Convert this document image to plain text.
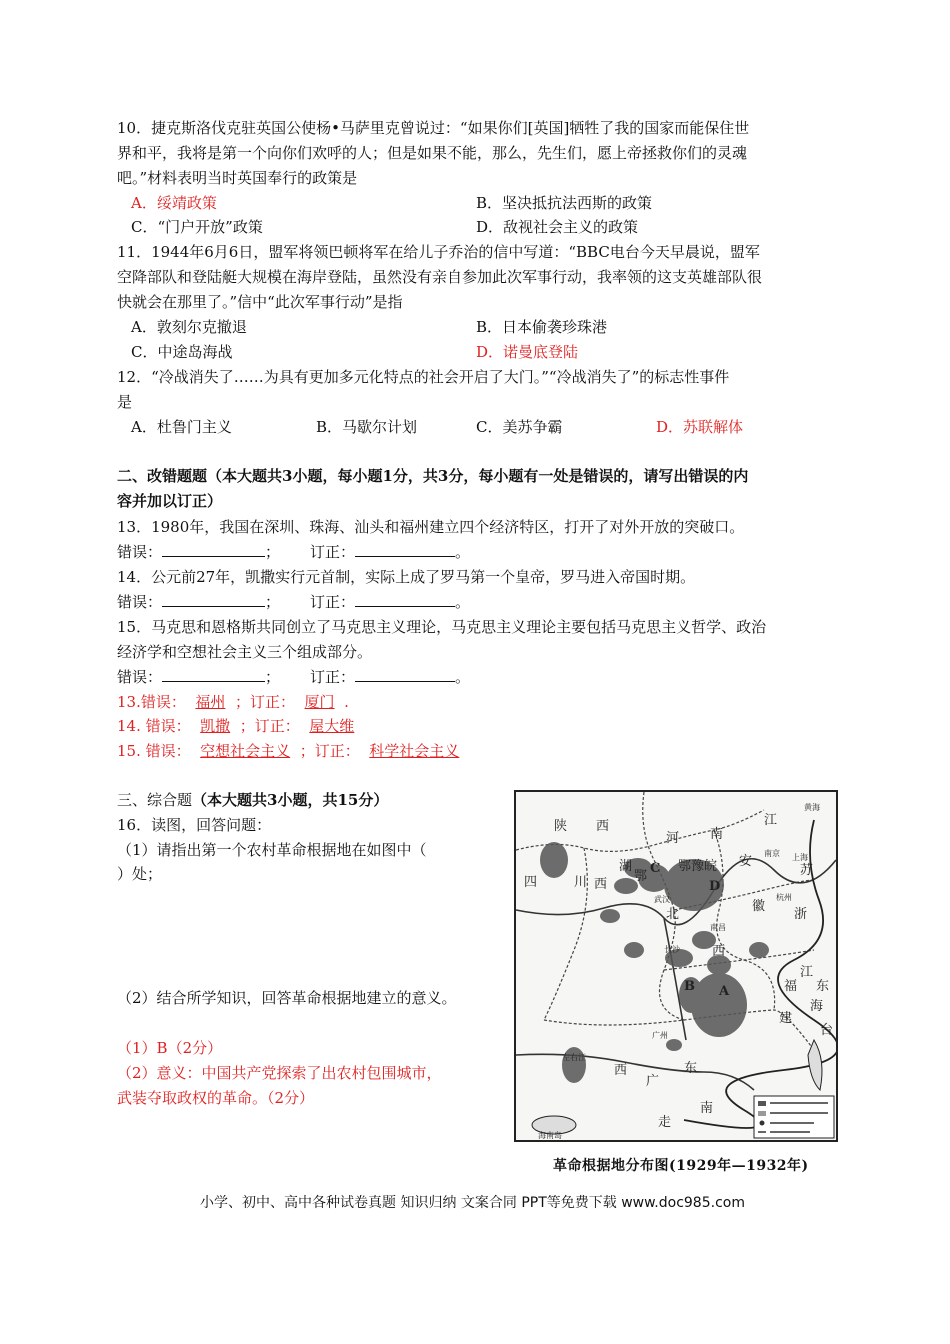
10．捷克斯洛伐克驻英国公使杨•马萨里克曾说过：“如果你们[英国]牺牲了我的国家而能保住世
界和平，我将是第一个向你们欢呼的人；但是如果不能，那么，先生们，愿上帝拯救你们的灵魂
吧。”材料表明当时英国奉行的政策是
A．绥靖政策	B．坚决抵抗法西斯的政策
C．“门户开放”政策	D．敌视社会主义的政策
11．1944年6月6日，盟军将领巴顿将军在给儿子乔治的信中写道：“BBC电台今天早晨说，盟军
空降部队和登陆艇大规模在海岸登陆，虽然没有亲自参加此次军事行动，我率领的这支英雄部队很
快就会在那里了。”信中“此次军事行动”是指
A．敦刻尔克撤退	B．日本偷袭珍珠港
C．中途岛海战	D．诺曼底登陆
12．“冷战消失了……为具有更加多元化特点的社会开启了大门。”“冷战消失了”的标志性事件
是
A．杜鲁门主义	B．马歇尔计划	C．美苏争霸	D．苏联解体
二、改错题题（本大题共3小题，每小题1分，共3分，每小题有一处是错误的，请写出错误的内
容并加以订正）
13．1980年，我国在深圳、珠海、汕头和福州建立四个经济特区，打开了对外开放的突破口。
错误：	； 订正：	。
14．公元前27年，凯撒实行元首制，实际上成了罗马第一个皇帝，罗马进入帝国时期。
错误：	； 订正：	。
15．马克思和恩格斯共同创立了马克思主义理论，马克思主义理论主要包括马克思主义哲学、政治
经济学和空想社会主义三个组成部分。
错误：	； 订正：	。
13.错误： 福州 ；订正： 厦门 .
14. 错误： 凯撒 ；订正： 屋大维
15. 错误： 空想社会主义 ；订正： 科学社会主义
三、综合题（本大题共3小题，共15分）
16．读图，回答问题：
（1）请指出第一个农村革命根据地在如图中（
）处；
（2）结合所学知识，回答革命根据地建立的意义。
（1）B（2分）
（2）意义：中国共产党探索了出农村包围城市，
武装夺取政权的革命。（2分）
陕 西
河 南
江
四	川
湖
鄂
西
鄂豫皖 安
苏
北
徽
浙
江
福
建
西
广
东
西
台
东
海
南
走
A
B
C
D
长沙
广州
南京
杭州
武汉
南昌
上海
黄海
左右江
海南岛
革命根据地分布图(1929年—1932年)
小学、初中、高中各种试卷真题 知识归纳 文案合同 PPT等免费下载 www.doc985.com
